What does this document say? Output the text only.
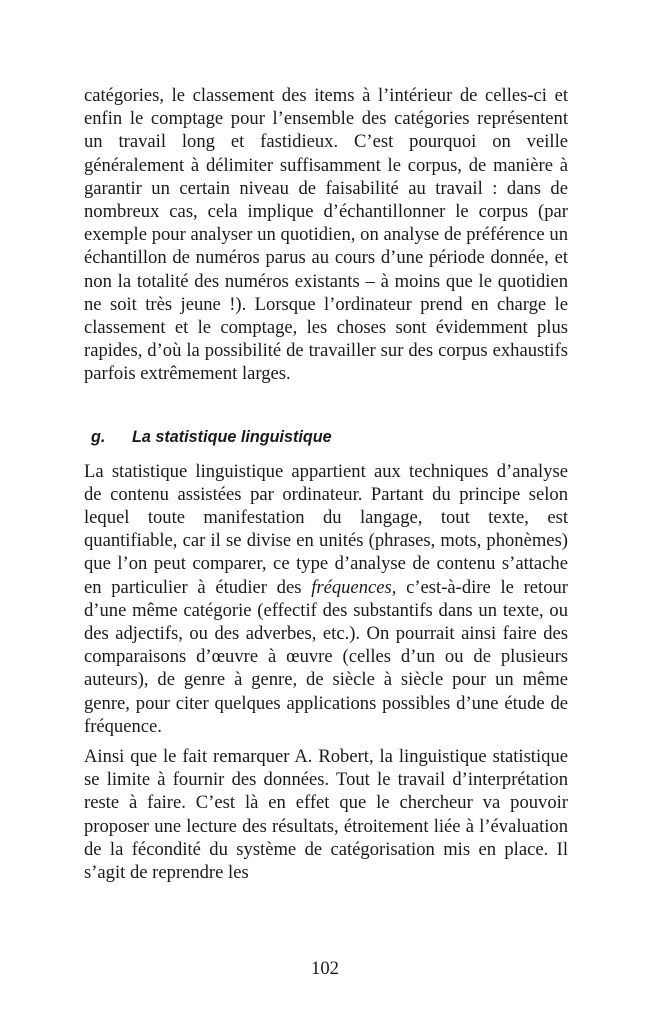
catégories, le classement des items à l’intérieur de celles-ci et enfin le comptage pour l’ensemble des catégories représentent un travail long et fastidieux. C’est pourquoi on veille généralement à délimiter suffisamment le corpus, de manière à garantir un certain niveau de faisabilité au travail : dans de nombreux cas, cela implique d’échantillonner le corpus (par exemple pour analyser un quotidien, on analyse de préférence un échantillon de numéros parus au cours d’une période donnée, et non la totalité des numéros existants – à moins que le quotidien ne soit très jeune !). Lorsque l’ordinateur prend en charge le classement et le comptage, les choses sont évidemment plus rapides, d’où la possibilité de travailler sur des corpus exhaustifs parfois extrêmement larges.

g. La statistique linguistique

La statistique linguistique appartient aux techniques d’analyse de contenu assistées par ordinateur. Partant du principe selon lequel toute manifestation du langage, tout texte, est quantifiable, car il se divise en unités (phrases, mots, phonèmes) que l’on peut comparer, ce type d’analyse de contenu s’attache en particulier à étudier des fréquences, c’est-à-dire le retour d’une même catégorie (effectif des substantifs dans un texte, ou des adjectifs, ou des adverbes, etc.). On pourrait ainsi faire des comparaisons d’œuvre à œuvre (celles d’un ou de plusieurs auteurs), de genre à genre, de siècle à siècle pour un même genre, pour citer quelques applications possibles d’une étude de fréquence.

Ainsi que le fait remarquer A. Robert, la linguistique statistique se limite à fournir des données. Tout le travail d’interprétation reste à faire. C’est là en effet que le chercheur va pouvoir proposer une lecture des résultats, étroitement liée à l’évaluation de la fécondité du système de catégorisation mis en place. Il s’agit de reprendre les

102
